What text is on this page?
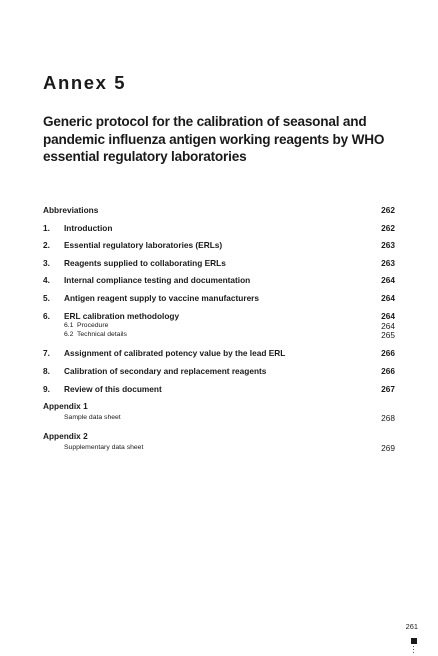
Annex 5
Generic protocol for the calibration of seasonal and pandemic influenza antigen working reagents by WHO essential regulatory laboratories
Abbreviations	262
1. Introduction	262
2. Essential regulatory laboratories (ERLs)	263
3. Reagents supplied to collaborating ERLs	263
4. Internal compliance testing and documentation	264
5. Antigen reagent supply to vaccine manufacturers	264
6. ERL calibration methodology	264
6.1 Procedure	264
6.2 Technical details	265
7. Assignment of calibrated potency value by the lead ERL	266
8. Calibration of secondary and replacement reagents	266
9. Review of this document	267
Appendix 1
Sample data sheet	268
Appendix 2
Supplementary data sheet	269
261
